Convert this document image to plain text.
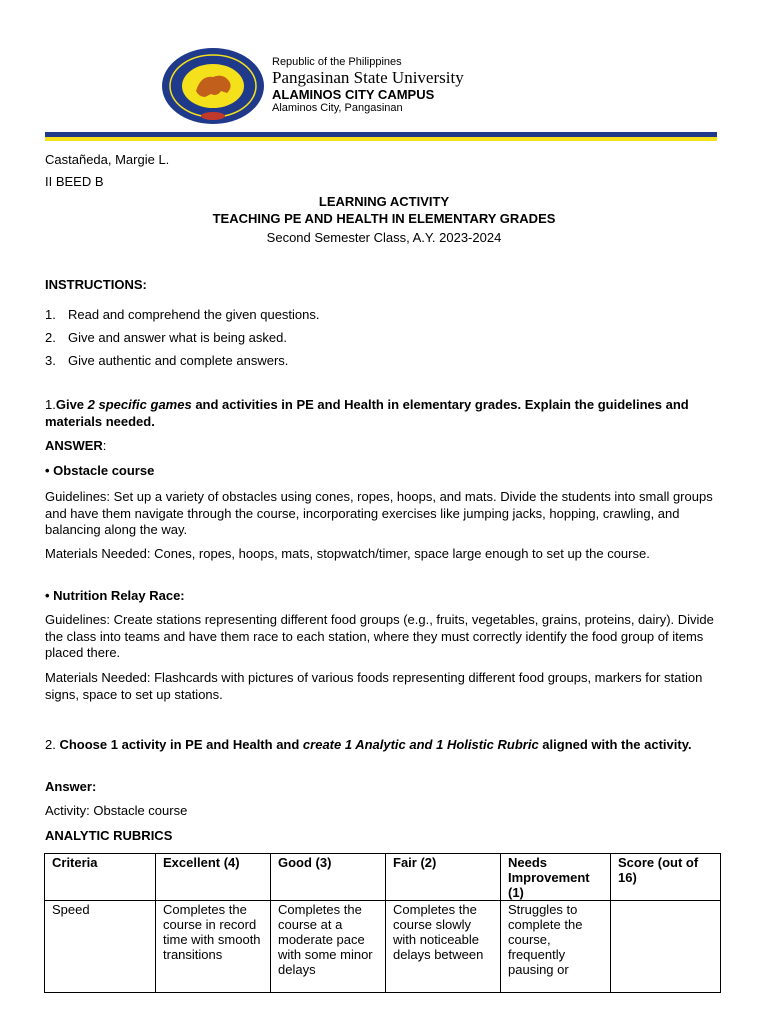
Republic of the Philippines
Pangasinan State University
ALAMINOS CITY CAMPUS
Alaminos City, Pangasinan
Castañeda, Margie L.
II BEED B
LEARNING ACTIVITY
TEACHING PE AND HEALTH IN ELEMENTARY GRADES
Second Semester Class, A.Y. 2023-2024
INSTRUCTIONS:
1. Read and comprehend the given questions.
2. Give and answer what is being asked.
3. Give authentic and complete answers.
1.Give 2 specific games and activities in PE and Health in elementary grades. Explain the guidelines and materials needed.
ANSWER:
• Obstacle course
Guidelines: Set up a variety of obstacles using cones, ropes, hoops, and mats. Divide the students into small groups and have them navigate through the course, incorporating exercises like jumping jacks, hopping, crawling, and balancing along the way.
Materials Needed: Cones, ropes, hoops, mats, stopwatch/timer, space large enough to set up the course.
• Nutrition Relay Race:
Guidelines: Create stations representing different food groups (e.g., fruits, vegetables, grains, proteins, dairy). Divide the class into teams and have them race to each station, where they must correctly identify the food group of items placed there.
Materials Needed: Flashcards with pictures of various foods representing different food groups, markers for station signs, space to set up stations.
2. Choose 1 activity in PE and Health and create 1 Analytic and 1 Holistic Rubric aligned with the activity.
Answer:
Activity: Obstacle course
ANALYTIC RUBRICS
Criteria	Excellent (4)	Good (3)	Fair (2)	Needs Improvement (1)	Score (out of 16)

Speed	Completes the course in record time with smooth transitions	Completes the course at a moderate pace with some minor delays	Completes the course slowly with noticeable delays between	Struggles to complete the course, frequently pausing or	
